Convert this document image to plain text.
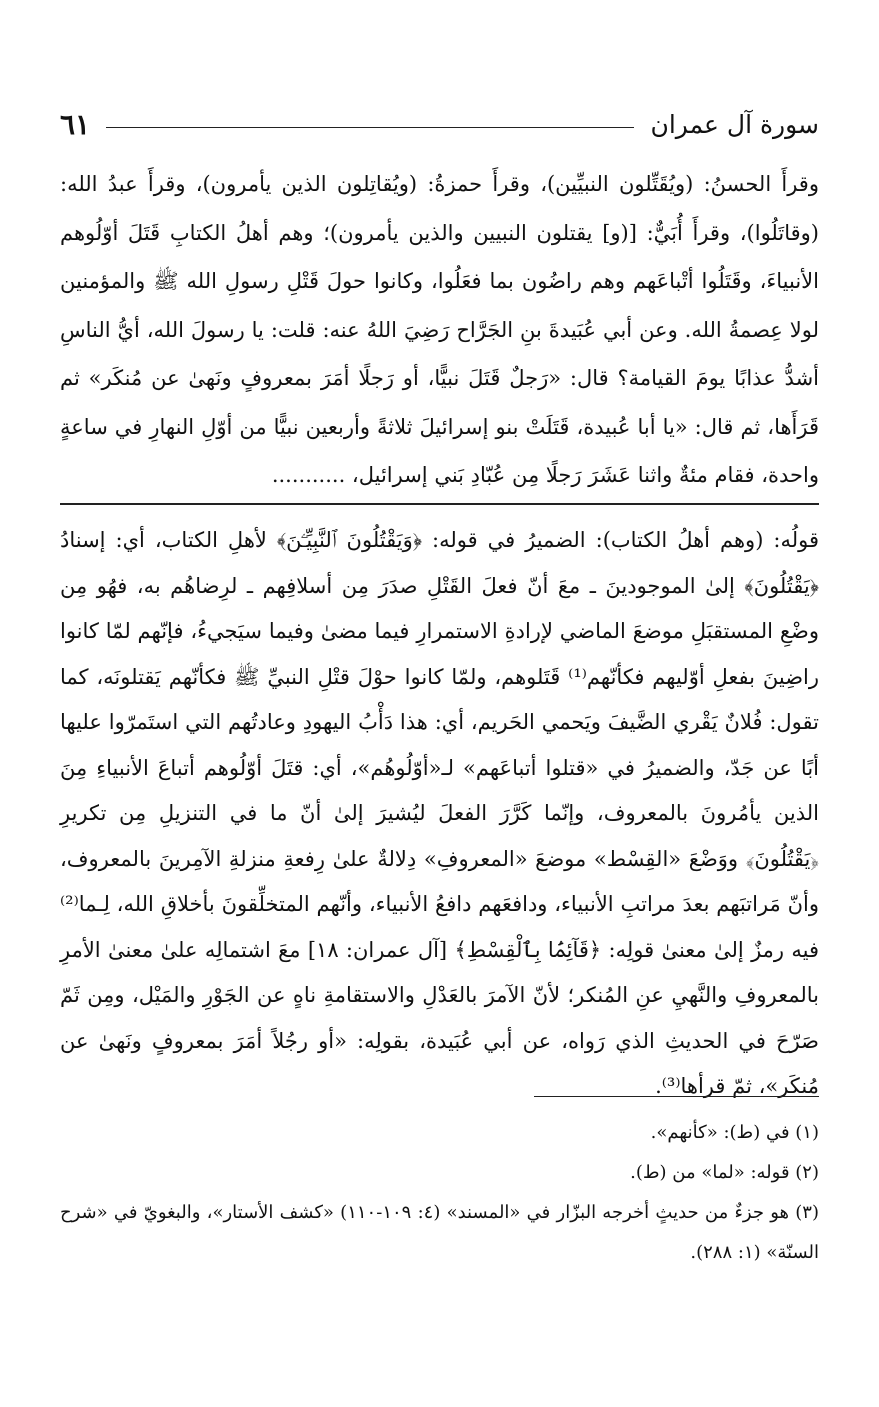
سورة آل عمران
٦١

وقرأَ الحسنُ: (ويُقَتِّلون النبيِّين)، وقرأَ حمزةُ: (ويُقاتِلون الذين يأمرون)، وقرأَ عبدُ الله: (وقاتَلُوا)، وقرأَ أُبَيٌّ: [(و] يقتلون النبيين والذين يأمرون)؛ وهم أهلُ الكتابِ قَتَلَ أوّلُوهم الأنبياءَ، وقَتَلُوا أتْباعَهم وهم راضُون بما فعَلُوا، وكانوا حولَ قَتْلِ رسولِ الله ﷺ والمؤمنين لولا عِصمةُ الله. وعن أبي عُبَيدةَ بنِ الجَرَّاح رَضِيَ اللهُ عنه: قلت: يا رسولَ الله، أيُّ الناسِ أشدُّ عذابًا يومَ القيامة؟ قال: «رَجلٌ قَتَلَ نبيًّا، أو رَجلًا أمَرَ بمعروفٍ ونَهىٰ عن مُنكَر» ثم قَرَأَها، ثم قال: «يا أبا عُبيدة، قَتَلَتْ بنو إسرائيلَ ثلاثةً وأربعين نبيًّا من أوّلِ النهارِ في ساعةٍ واحدة، فقام مئةٌ واثنا عَشَرَ رَجلًا مِن عُبّادِ بَني إسرائيل، ...........

قولُه: (وهم أهلُ الكتاب): الضميرُ في قوله: ﴿وَيَقْتُلُونَ ٱلنَّبِيِّـۧنَ﴾ لأهلِ الكتاب، أي: إسنادُ ﴿يَقْتُلُونَ﴾ إلىٰ الموجودينَ ـ معَ أنّ فعلَ القَتْلِ صدَرَ مِن أسلافِهم ـ لرِضاهُم به، فهُو مِن وضْعِ المستقبَلِ موضعَ الماضي لإرادةِ الاستمرارِ فيما مضىٰ وفيما سيَجيءُ، فإنّهم لمّا كانوا راضِينَ بفعلِ أوّليهم فكأنّهم⁽¹⁾ قَتَلوهم، ولمّا كانوا حوْلَ قتْلِ النبيِّ ﷺ فكأنّهم يَقتلونَه، كما تقول: فُلانٌ يَقْري الضَّيفَ ويَحمي الحَريم، أي: هذا دَأْبُ اليهودِ وعادتُهم التي استَمرّوا عليها أبًا عن جَدّ، والضميرُ في «قتلوا أتباعَهم» لـ«أوّلُوهُم»، أي: قتَلَ أوّلُوهم أتباعَ الأنبياءِ مِنَ الذين يأمُرونَ بالمعروف، وإنّما كَرَّرَ الفعلَ ليُشيرَ إلىٰ أنّ ما في التنزيلِ مِن تكريرِ ﴿يَقْتُلُونَ﴾ ووَضْعَ «القِسْط» موضعَ «المعروفِ» دِلالةٌ علىٰ رِفعةِ منزلةِ الآمِرينَ بالمعروف، وأنّ مَراتبَهم بعدَ مراتبِ الأنبياء، ودافعَهم دافعُ الأنبياء، وأنّهم المتخلِّقونَ بأخلاقِ الله، لِـما⁽²⁾ فيه رمزٌ إلىٰ معنىٰ قولِه: ﴿قَآئِمَۢا بِٱلْقِسْطِ﴾ [آل عمران: ١٨] معَ اشتمالِه علىٰ معنىٰ الأمرِ بالمعروفِ والنَّهيِ عنِ المُنكر؛ لأنّ الآمرَ بالعَدْلِ والاستقامةِ ناهٍ عن الجَوْرِ والمَيْل، ومِن ثَمّ صَرّحَ في الحديثِ الذي رَواه، عن أبي عُبَيدة، بقولِه: «أو رجُلاً أمَرَ بمعروفٍ ونَهىٰ عن مُنكَر»، ثمّ قرأها⁽³⁾.

(١) في (ط): «كأنهم».

(٢) قوله: «لما» من (ط).

(٣) هو جزءٌ من حديثٍ أخرجه البزّار في «المسند» (٤: ١٠٩-١١٠) «كشف الأستار»، والبغويّ في «شرح السنّة» (١: ٢٨٨).
